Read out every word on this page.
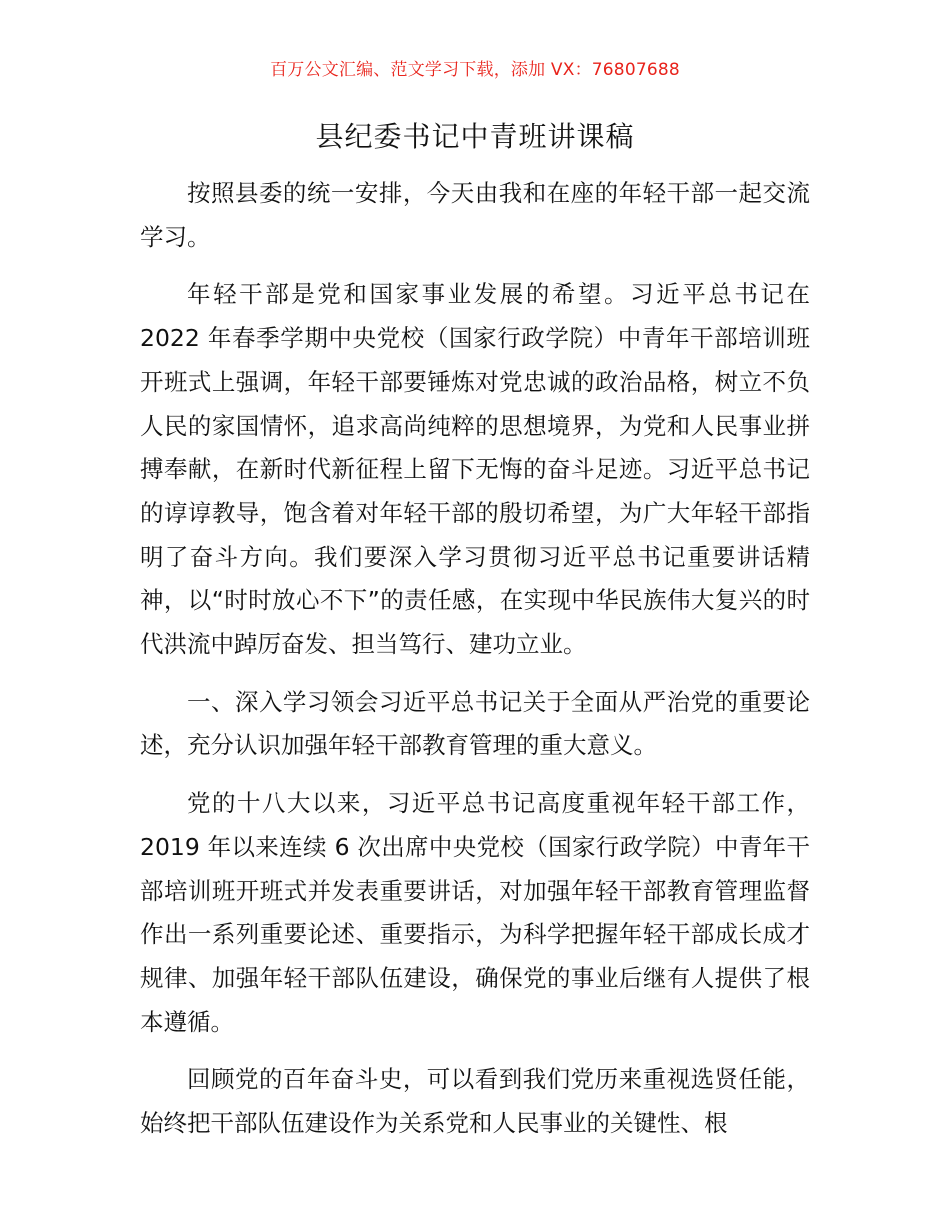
百万公文汇编、范文学习下载，添加 VX：76807688
县纪委书记中青班讲课稿

按照县委的统一安排，今天由我和在座的年轻干部一起交流学习。

年轻干部是党和国家事业发展的希望。习近平总书记在 2022 年春季学期中央党校（国家行政学院）中青年干部培训班开班式上强调，年轻干部要锤炼对党忠诚的政治品格，树立不负人民的家国情怀，追求高尚纯粹的思想境界，为党和人民事业拼搏奉献，在新时代新征程上留下无悔的奋斗足迹。习近平总书记的谆谆教导，饱含着对年轻干部的殷切希望，为广大年轻干部指明了奋斗方向。我们要深入学习贯彻习近平总书记重要讲话精神，以“时时放心不下”的责任感，在实现中华民族伟大复兴的时代洪流中踔厉奋发、担当笃行、建功立业。

一、深入学习领会习近平总书记关于全面从严治党的重要论述，充分认识加强年轻干部教育管理的重大意义。

党的十八大以来，习近平总书记高度重视年轻干部工作，2019 年以来连续 6 次出席中央党校（国家行政学院）中青年干部培训班开班式并发表重要讲话，对加强年轻干部教育管理监督作出一系列重要论述、重要指示，为科学把握年轻干部成长成才规律、加强年轻干部队伍建设，确保党的事业后继有人提供了根本遵循。

回顾党的百年奋斗史，可以看到我们党历来重视选贤任能，始终把干部队伍建设作为关系党和人民事业的关键性、根
